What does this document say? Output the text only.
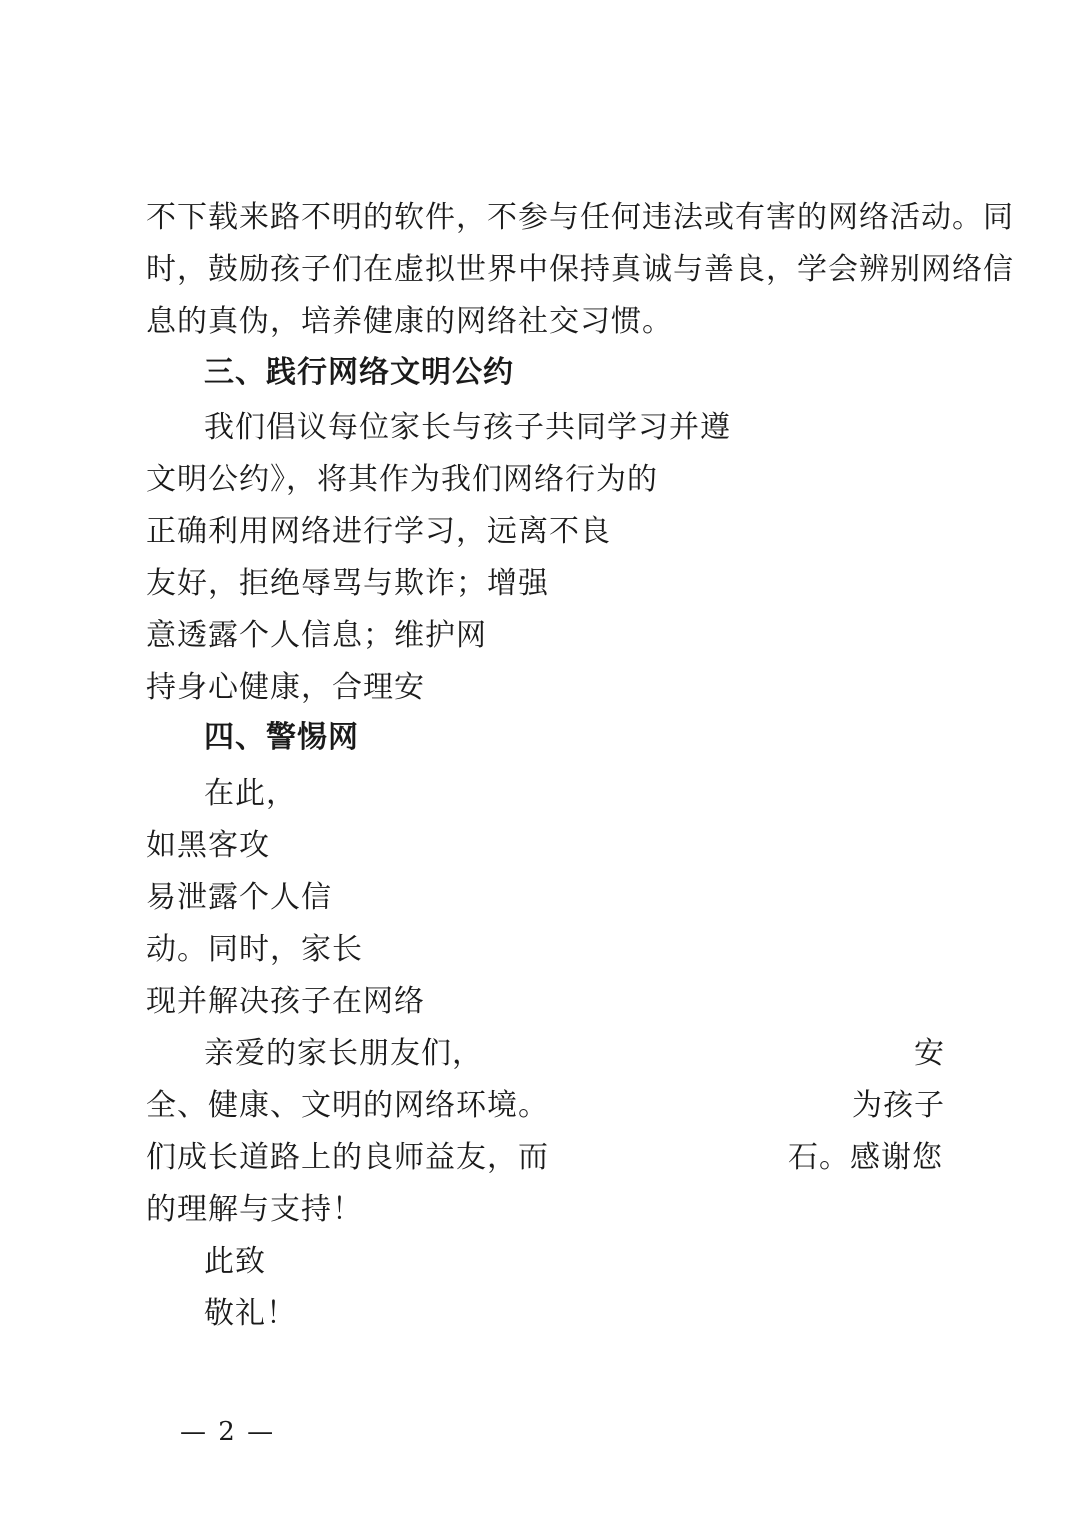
不下载来路不明的软件，不参与任何违法或有害的网络活动。同
时，鼓励孩子们在虚拟世界中保持真诚与善良，学会辨别网络信
息的真伪，培养健康的网络社交习惯。
三、践行网络文明公约
我们倡议每位家长与孩子共同学习并遵
文明公约》，将其作为我们网络行为的
正确利用网络进行学习，远离不良
友好，拒绝辱骂与欺诈；增强
意透露个人信息；维护网
持身心健康，合理安
四、警惕网
在此，
如黑客攻
易泄露个人信
动。同时，家长
现并解决孩子在网络
亲爱的家长朋友们，	安
全、健康、文明的网络环境。	为孩子
们成长道路上的良师益友，而	石。感谢您
的理解与支持！
此致
敬礼！
— 2 —
